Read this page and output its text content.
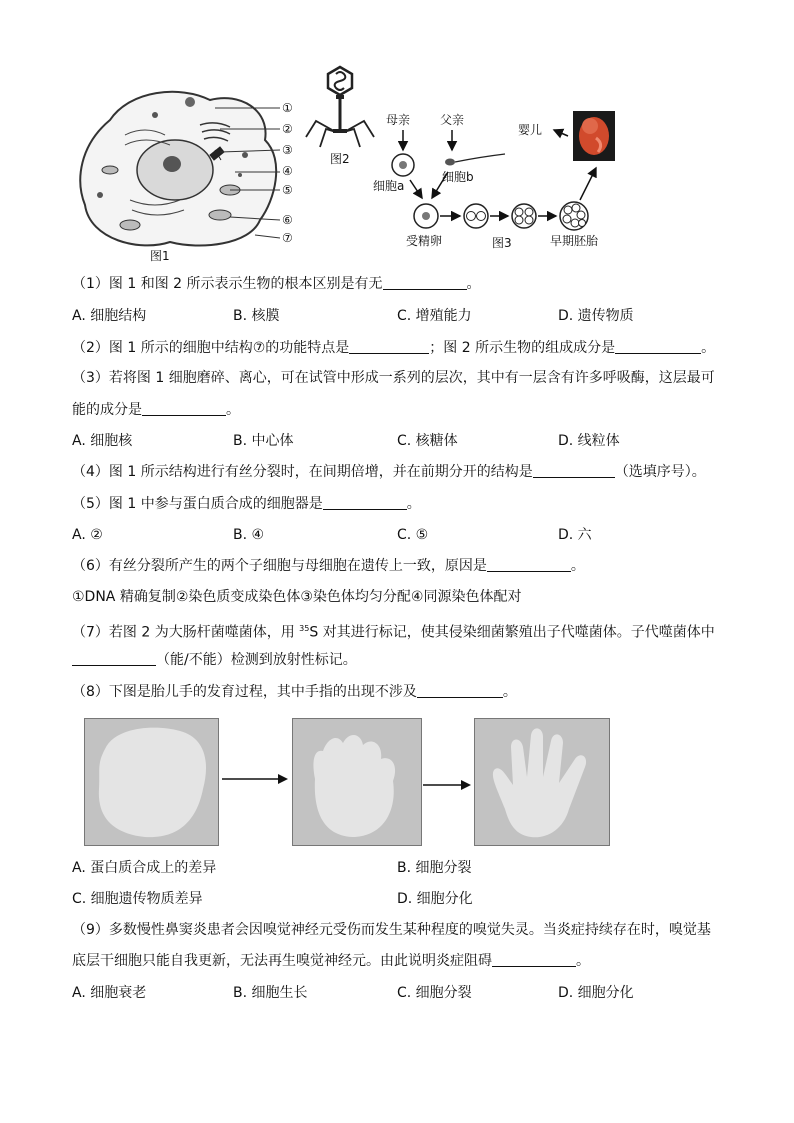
①
②
③
④
⑤
⑥
⑦
图1
图2
母亲 父亲
细胞a
细胞b
受精卵	图3	早期胚胎
婴儿
（1）图 1 和图 2 所示表示生物的根本区别是有无	。
A. 细胞结构	B. 核膜	C. 增殖能力	D. 遗传物质
（2）图 1 所示的细胞中结构⑦的功能特点是	；图 2 所示生物的组成成分是	。
（3）若将图 1 细胞磨碎、离心，可在试管中形成一系列的层次，其中有一层含有许多呼吸酶，这层最可
能的成分是	。
A. 细胞核	B. 中心体	C. 核糖体	D. 线粒体
（4）图 1 所示结构进行有丝分裂时，在间期倍增，并在前期分开的结构是	（选填序号）。
（5）图 1 中参与蛋白质合成的细胞器是	。
A. ②	B. ④	C. ⑤	D. 六
（6）有丝分裂所产生的两个子细胞与母细胞在遗传上一致，原因是	。
①DNA 精确复制②染色质变成染色体③染色体均匀分配④同源染色体配对
（7）若图 2 为大肠杆菌噬菌体，用 $^{35}$S 对其进行标记，使其侵染细菌繁殖出子代噬菌体。子代噬菌体中
（能/不能）检测到放射性标记。
（8）下图是胎儿手的发育过程，其中手指的出现不涉及	。
A. 蛋白质合成上的差异	B. 细胞分裂
C. 细胞遗传物质差异	D. 细胞分化
（9）多数慢性鼻窦炎患者会因嗅觉神经元受伤而发生某种程度的嗅觉失灵。当炎症持续存在时，嗅觉基
底层干细胞只能自我更新，无法再生嗅觉神经元。由此说明炎症阻碍	。
A. 细胞衰老	B. 细胞生长	C. 细胞分裂	D. 细胞分化
